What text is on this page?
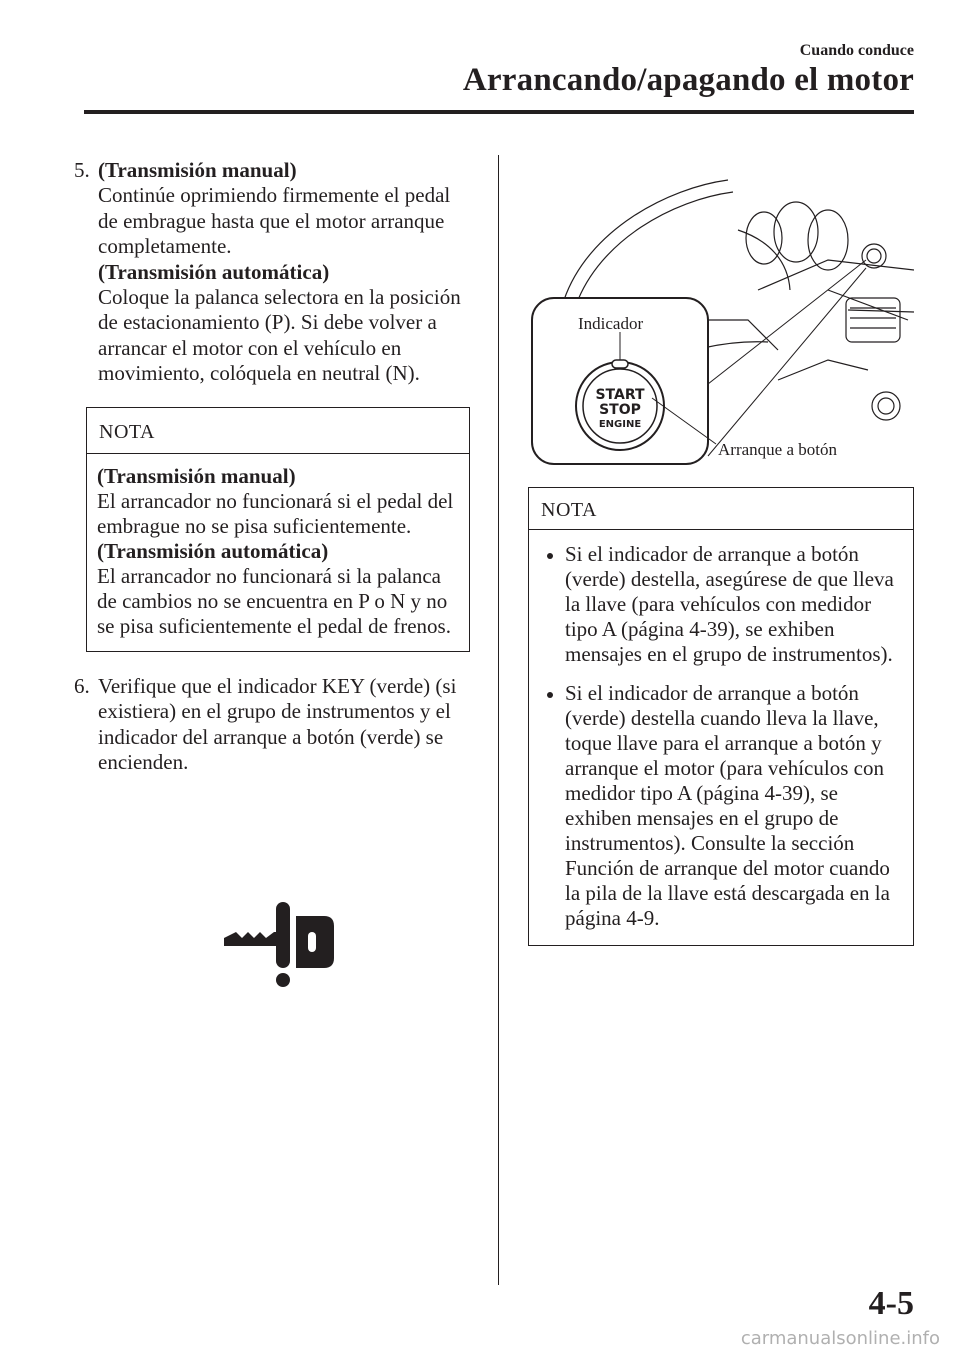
Cuando conduce
Arrancando/apagando el motor
5. (Transmisión manual)

Continúe oprimiendo firmemente el pedal de embrague hasta que el motor arranque completamente.

(Transmisión automática)

Coloque la palanca selectora en la posición de estacionamiento (P). Si debe volver a arrancar el motor con el vehículo en movimiento, colóquela en neutral (N).

NOTA

(Transmisión manual)

El arrancador no funcionará si el pedal del embrague no se pisa suficientemente.

(Transmisión automática)

El arrancador no funcionará si la palanca de cambios no se encuentra en P o N y no se pisa suficientemente el pedal de frenos.

6. Verifique que el indicador KEY (verde) (si existiera) en el grupo de instrumentos y el indicador del arranque a botón (verde) se encienden.

START
STOP
ENGINE
Indicador
Arranque a botón
NOTA
Si el indicador de arranque a botón (verde) destella, asegúrese de que lleva la llave (para vehículos con medidor tipo A (página 4-39), se exhiben mensajes en el grupo de instrumentos).
Si el indicador de arranque a botón (verde) destella cuando lleva la llave, toque llave para el arranque a botón y arranque el motor (para vehículos con medidor tipo A (página 4-39), se exhiben mensajes en el grupo de instrumentos). Consulte la sección Función de arranque del motor cuando la pila de la llave está descargada en la página 4-9.
4-5
carmanualsonline.info
